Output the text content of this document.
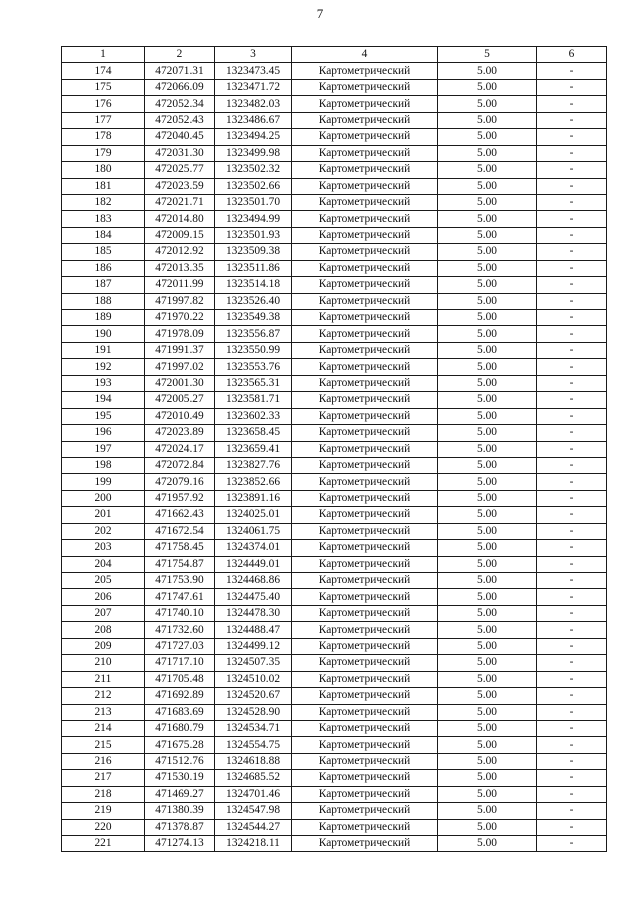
7
1	2	3	4	5	6
174	472071.31	1323473.45	Картометрический	5.00	-
175	472066.09	1323471.72	Картометрический	5.00	-
176	472052.34	1323482.03	Картометрический	5.00	-
177	472052.43	1323486.67	Картометрический	5.00	-
178	472040.45	1323494.25	Картометрический	5.00	-
179	472031.30	1323499.98	Картометрический	5.00	-
180	472025.77	1323502.32	Картометрический	5.00	-
181	472023.59	1323502.66	Картометрический	5.00	-
182	472021.71	1323501.70	Картометрический	5.00	-
183	472014.80	1323494.99	Картометрический	5.00	-
184	472009.15	1323501.93	Картометрический	5.00	-
185	472012.92	1323509.38	Картометрический	5.00	-
186	472013.35	1323511.86	Картометрический	5.00	-
187	472011.99	1323514.18	Картометрический	5.00	-
188	471997.82	1323526.40	Картометрический	5.00	-
189	471970.22	1323549.38	Картометрический	5.00	-
190	471978.09	1323556.87	Картометрический	5.00	-
191	471991.37	1323550.99	Картометрический	5.00	-
192	471997.02	1323553.76	Картометрический	5.00	-
193	472001.30	1323565.31	Картометрический	5.00	-
194	472005.27	1323581.71	Картометрический	5.00	-
195	472010.49	1323602.33	Картометрический	5.00	-
196	472023.89	1323658.45	Картометрический	5.00	-
197	472024.17	1323659.41	Картометрический	5.00	-
198	472072.84	1323827.76	Картометрический	5.00	-
199	472079.16	1323852.66	Картометрический	5.00	-
200	471957.92	1323891.16	Картометрический	5.00	-
201	471662.43	1324025.01	Картометрический	5.00	-
202	471672.54	1324061.75	Картометрический	5.00	-
203	471758.45	1324374.01	Картометрический	5.00	-
204	471754.87	1324449.01	Картометрический	5.00	-
205	471753.90	1324468.86	Картометрический	5.00	-
206	471747.61	1324475.40	Картометрический	5.00	-
207	471740.10	1324478.30	Картометрический	5.00	-
208	471732.60	1324488.47	Картометрический	5.00	-
209	471727.03	1324499.12	Картометрический	5.00	-
210	471717.10	1324507.35	Картометрический	5.00	-
211	471705.48	1324510.02	Картометрический	5.00	-
212	471692.89	1324520.67	Картометрический	5.00	-
213	471683.69	1324528.90	Картометрический	5.00	-
214	471680.79	1324534.71	Картометрический	5.00	-
215	471675.28	1324554.75	Картометрический	5.00	-
216	471512.76	1324618.88	Картометрический	5.00	-
217	471530.19	1324685.52	Картометрический	5.00	-
218	471469.27	1324701.46	Картометрический	5.00	-
219	471380.39	1324547.98	Картометрический	5.00	-
220	471378.87	1324544.27	Картометрический	5.00	-
221	471274.13	1324218.11	Картометрический	5.00	-
